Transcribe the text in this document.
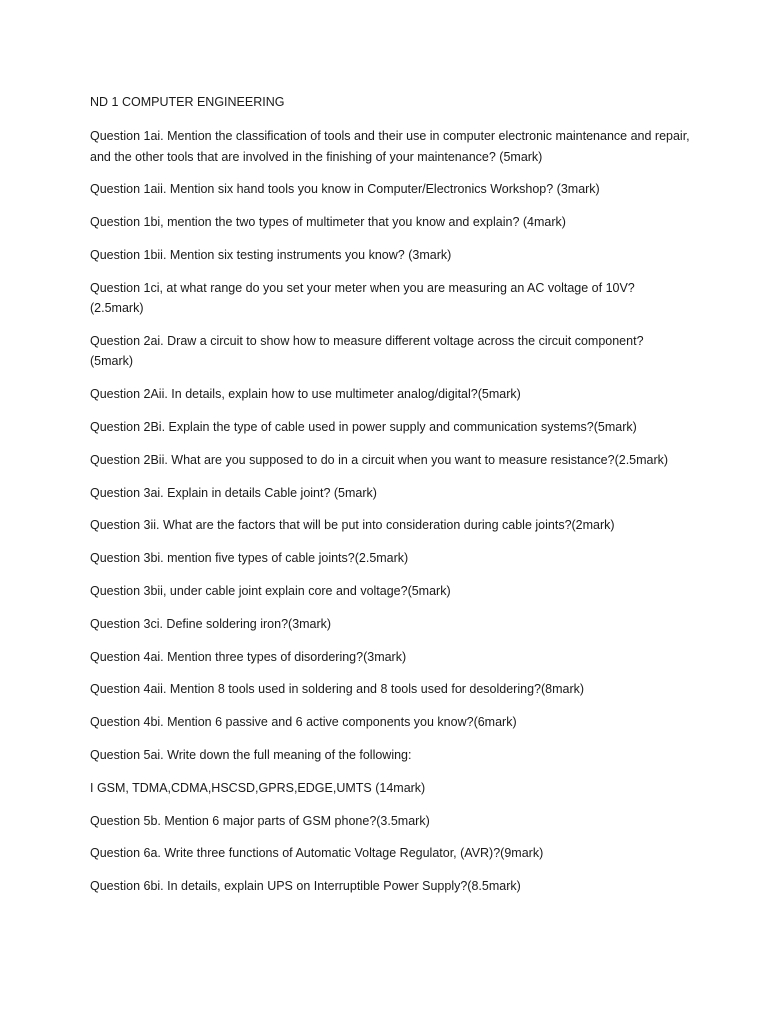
ND 1 COMPUTER ENGINEERING

Question 1ai. Mention the classification of tools and their use in computer electronic maintenance and repair, and the other tools that are involved in the finishing of your maintenance? (5mark)

Question 1aii. Mention six hand tools you know in Computer/Electronics Workshop? (3mark)

Question 1bi, mention the two types of multimeter that you know and explain? (4mark)

Question 1bii. Mention six testing instruments you know? (3mark)

Question 1ci, at what range do you set your meter when you are measuring an AC voltage of 10V? (2.5mark)

Question 2ai. Draw a circuit to show how to measure different voltage across the circuit component? (5mark)

Question 2Aii. In details, explain how to use multimeter analog/digital?(5mark)

Question 2Bi. Explain the type of cable used in power supply and communication systems?(5mark)

Question 2Bii. What are you supposed to do in a circuit when you want to measure resistance?(2.5mark)

Question 3ai. Explain in details Cable joint? (5mark)

Question 3ii. What are the factors that will be put into consideration during cable joints?(2mark)

Question 3bi. mention five types of cable joints?(2.5mark)

Question 3bii, under cable joint explain core and voltage?(5mark)

Question 3ci. Define soldering iron?(3mark)

Question 4ai. Mention three types of disordering?(3mark)

Question 4aii. Mention 8 tools used in soldering and 8 tools used for desoldering?(8mark)

Question 4bi. Mention 6 passive and 6 active components you know?(6mark)

Question 5ai. Write down the full meaning of the following:

I GSM, TDMA,CDMA,HSCSD,GPRS,EDGE,UMTS (14mark)

Question 5b. Mention 6 major parts of GSM phone?(3.5mark)

Question 6a. Write three functions of Automatic Voltage Regulator, (AVR)?(9mark)

Question 6bi. In details, explain UPS on Interruptible Power Supply?(8.5mark)
